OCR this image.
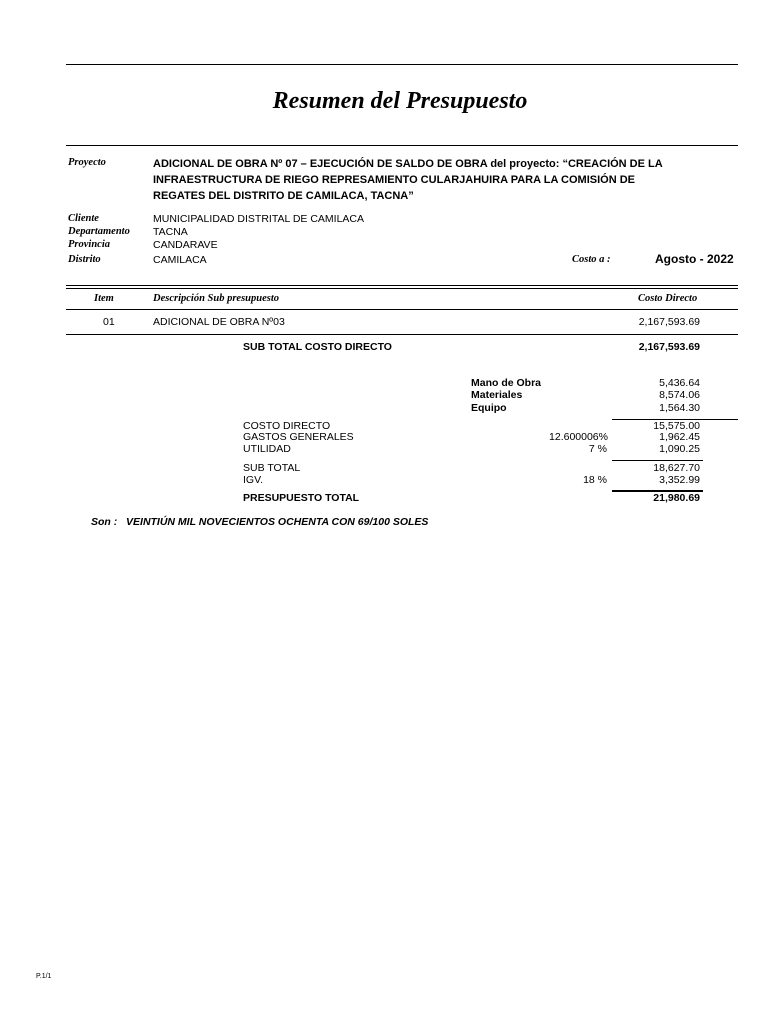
Resumen del Presupuesto
Proyecto	ADICIONAL DE OBRA Nº 07 – EJECUCIÓN DE SALDO DE OBRA del proyecto: “CREACIÓN DE LA INFRAESTRUCTURA DE RIEGO REPRESAMIENTO CULARJAHUIRA PARA LA COMISIÓN DE REGATES DEL DISTRITO DE CAMILACA, TACNA”
Cliente	MUNICIPALIDAD DISTRITAL DE CAMILACA
Departamento TACNA
Provincia	CANDARAVE
Distrito	CAMILACA	Costo a :	Agosto - 2022
Item	Descripción Sub presupuesto	Costo Directo
01	ADICIONAL DE OBRA Nº03	2,167,593.69
SUB TOTAL COSTO DIRECTO	2,167,593.69
Mano de Obra	5,436.64
Materiales	8,574.06
Equipo	1,564.30
COSTO DIRECTO	15,575.00
GASTOS GENERALES	12.600006%	1,962.45
UTILIDAD	7 %	1,090.25
SUB TOTAL	18,627.70
IGV.	18 %	3,352.99
PRESUPUESTO TOTAL	21,980.69
Son : VEINTIÚN MIL NOVECIENTOS OCHENTA CON 69/100 SOLES
P.1/1
